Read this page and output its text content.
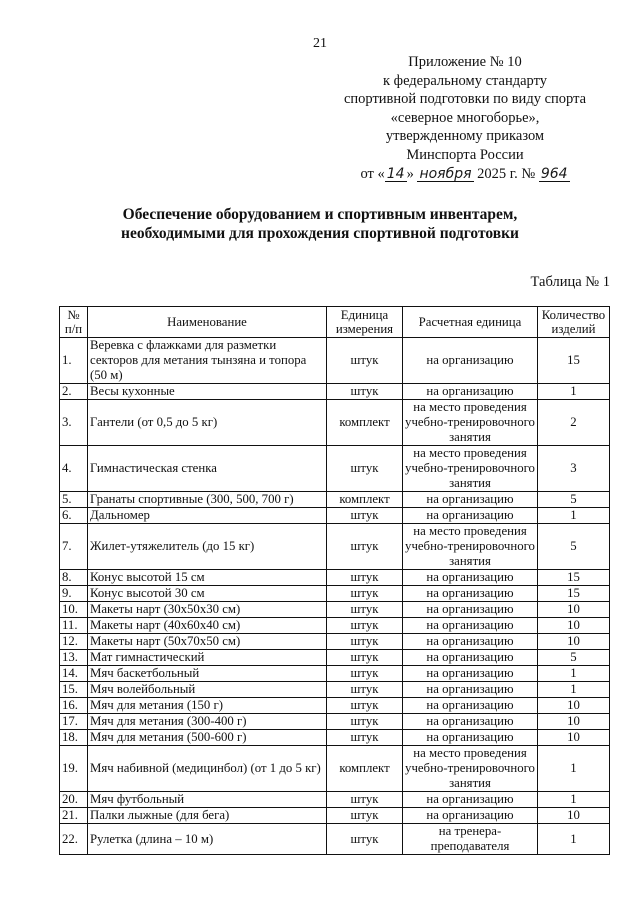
21
Приложение № 10
к федеральному стандарту
спортивной подготовки по виду спорта
«северное многоборье»,
утвержденному приказом
Минспорта России
от « 14 » ноября 2025 г. № 964
Обеспечение оборудованием и спортивным инвентарем,
необходимыми для прохождения спортивной подготовки
Таблица № 1
№ п/п	Наименование	Единица измерения	Расчетная единица	Количество изделий
1.	Веревка с флажками для разметки секторов для метания тынзяна и топора (50 м)	штук	на организацию	15
2.	Весы кухонные	штук	на организацию	1
3.	Гантели (от 0,5 до 5 кг)	комплект	на место проведения учебно-тренировочного занятия	2
4.	Гимнастическая стенка	штук	на место проведения учебно-тренировочного занятия	3
5.	Гранаты спортивные (300, 500, 700 г)	комплект	на организацию	5
6.	Дальномер	штук	на организацию	1
7.	Жилет-утяжелитель (до 15 кг)	штук	на место проведения учебно-тренировочного занятия	5
8.	Конус высотой 15 см	штук	на организацию	15
9.	Конус высотой 30 см	штук	на организацию	15
10.	Макеты нарт (30х50х30 см)	штук	на организацию	10
11.	Макеты нарт (40х60х40 см)	штук	на организацию	10
12.	Макеты нарт (50х70х50 см)	штук	на организацию	10
13.	Мат гимнастический	штук	на организацию	5
14.	Мяч баскетбольный	штук	на организацию	1
15.	Мяч волейбольный	штук	на организацию	1
16.	Мяч для метания (150 г)	штук	на организацию	10
17.	Мяч для метания (300-400 г)	штук	на организацию	10
18.	Мяч для метания (500-600 г)	штук	на организацию	10
19.	Мяч набивной (медицинбол) (от 1 до 5 кг)	комплект	на место проведения учебно-тренировочного занятия	1
20.	Мяч футбольный	штук	на организацию	1
21.	Палки лыжные (для бега)	штук	на организацию	10
22.	Рулетка (длина – 10 м)	штук	на тренера-преподавателя	1
